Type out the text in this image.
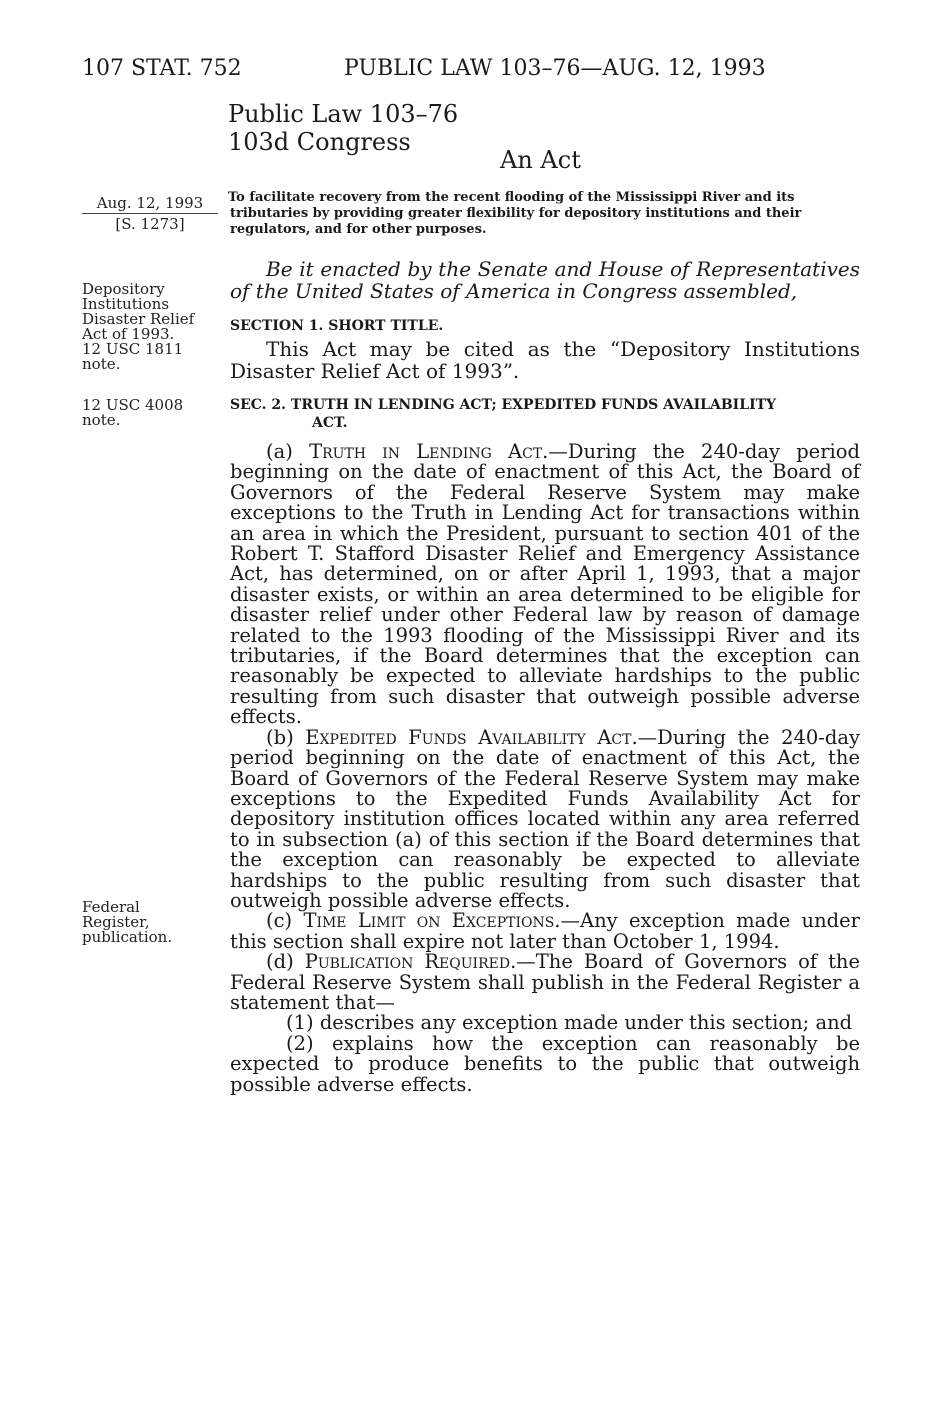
107 STAT. 752	PUBLIC LAW 103–76—AUG. 12, 1993
Public Law 103–76
103d Congress
An Act
Aug. 12, 1993
[S. 1273]
Depository
Institutions
Disaster Relief
Act of 1993.
12 USC 1811
note.
12 USC 4008
note.
Federal
Register,
publication.
To facilitate recovery from the recent flooding of the Mississippi River and its tributaries by providing greater flexibility for depository institutions and their regulators, and for other purposes.
Be it enacted by the Senate and House of Representatives of the United States of America in Congress assembled,
SECTION 1. SHORT TITLE.

This Act may be cited as the “Depository Institutions Disaster Relief Act of 1993”.

SEC. 2. TRUTH IN LENDING ACT; EXPEDITED FUNDS AVAILABILITY
ACT.

(a) Truth in Lending Act.—During the 240-day period beginning on the date of enactment of this Act, the Board of Governors of the Federal Reserve System may make exceptions to the Truth in Lending Act for transactions within an area in which the President, pursuant to section 401 of the Robert T. Stafford Disaster Relief and Emergency Assistance Act, has determined, on or after April 1, 1993, that a major disaster exists, or within an area determined to be eligible for disaster relief under other Federal law by reason of damage related to the 1993 flooding of the Mississippi River and its tributaries, if the Board determines that the exception can reasonably be expected to alleviate hardships to the public resulting from such disaster that outweigh possible adverse effects.

(b) Expedited Funds Availability Act.—During the 240-day period beginning on the date of enactment of this Act, the Board of Governors of the Federal Reserve System may make exceptions to the Expedited Funds Availability Act for depository institution offices located within any area referred to in subsection (a) of this section if the Board determines that the exception can reasonably be expected to alleviate hardships to the public resulting from such disaster that outweigh possible adverse effects.

(c) Time Limit on Exceptions.—Any exception made under this section shall expire not later than October 1, 1994.

(d) Publication Required.—The Board of Governors of the Federal Reserve System shall publish in the Federal Register a statement that—

(1) describes any exception made under this section; and

(2) explains how the exception can reasonably be expected to produce benefits to the public that outweigh possible adverse effects.
